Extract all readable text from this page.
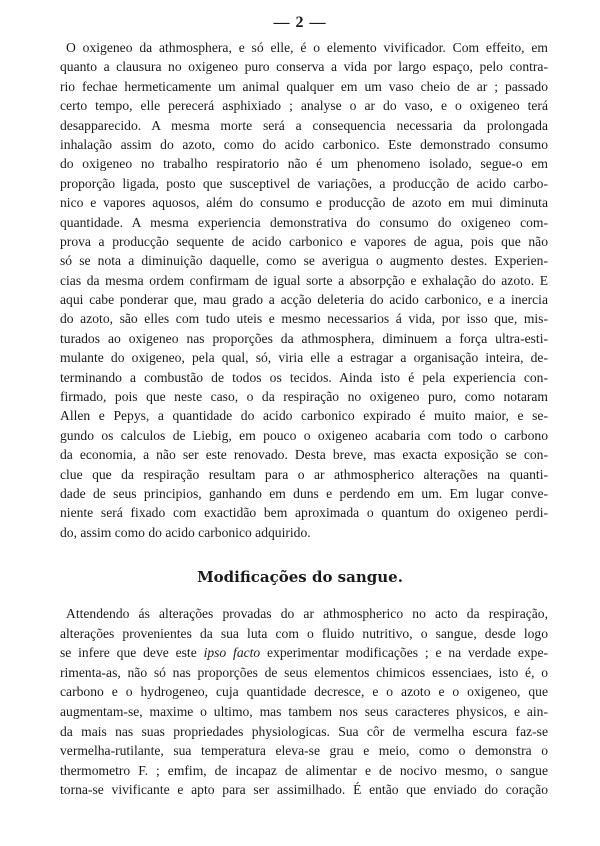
— 2 —
O oxigeneo da athmosphera, e só elle, é o elemento vivificador. Com effeito, em
quanto a clausura no oxigeneo puro conserva a vida por largo espaço, pelo contra-
rio fechae hermeticamente um animal qualquer em um vaso cheio de ar ; passado
certo tempo, elle perecerá asphixiado ; analyse o ar do vaso, e o oxigeneo terá
desapparecido. A mesma morte será a consequencia necessaria da prolongada
inhalação assim do azoto, como do acido carbonico. Este demonstrado consumo
do oxigeneo no trabalho respiratorio não é um phenomeno isolado, segue-o em
proporção ligada, posto que susceptivel de variações, a producção de acido carbo-
nico e vapores aquosos, além do consumo e producção de azoto em mui diminuta
quantidade. A mesma experiencia demonstrativa do consumo do oxigeneo com-
prova a producção sequente de acido carbonico e vapores de agua, pois que não
só se nota a diminuição daquelle, como se averigua o augmento destes. Experien-
cias da mesma ordem confirmam de igual sorte a absorpção e exhalação do azoto. E
aqui cabe ponderar que, mau grado a acção deleteria do acido carbonico, e a inercia
do azoto, são elles com tudo uteis e mesmo necessarios á vida, por isso que, mis-
turados ao oxigeneo nas proporções da athmosphera, diminuem a força ultra-esti-
mulante do oxigeneo, pela qual, só, viria elle a estragar a organisação inteira, de-
terminando a combustão de todos os tecidos. Ainda isto é pela experiencia con-
firmado, pois que neste caso, o da respiração no oxigeneo puro, como notaram
Allen e Pepys, a quantidade do acido carbonico expirado é muito maior, e se-
gundo os calculos de Liebig, em pouco o oxigeneo acabaria com todo o carbono
da economia, a não ser este renovado. Desta breve, mas exacta exposição se con-
clue que da respiração resultam para o ar athmospherico alterações na quanti-
dade de seus principios, ganhando em duns e perdendo em um. Em lugar conve-
niente será fixado com exactidão bem aproximada o quantum do oxigeneo perdi-
do, assim como do acido carbonico adquirido.
Modificações do sangue.
Attendendo ás alterações provadas do ar athmospherico no acto da respiração,
alterações provenientes da sua luta com o fluido nutritivo, o sangue, desde logo
se infere que deve este ipso facto experimentar modificações ; e na verdade expe-
rimenta-as, não só nas proporções de seus elementos chimicos essenciaes, isto é, o
carbono e o hydrogeneo, cuja quantidade decresce, e o azoto e o oxigeneo, que
augmentam-se, maxime o ultimo, mas tambem nos seus caracteres physicos, e ain-
da mais nas suas propriedades physiologicas. Sua côr de vermelha escura faz-se
vermelha-rutilante, sua temperatura eleva-se grau e meio, como o demonstra o
thermometro F. ; emfim, de incapaz de alimentar e de nocivo mesmo, o sangue
torna-se vivificante e apto para ser assimilhado. É então que enviado do coração
